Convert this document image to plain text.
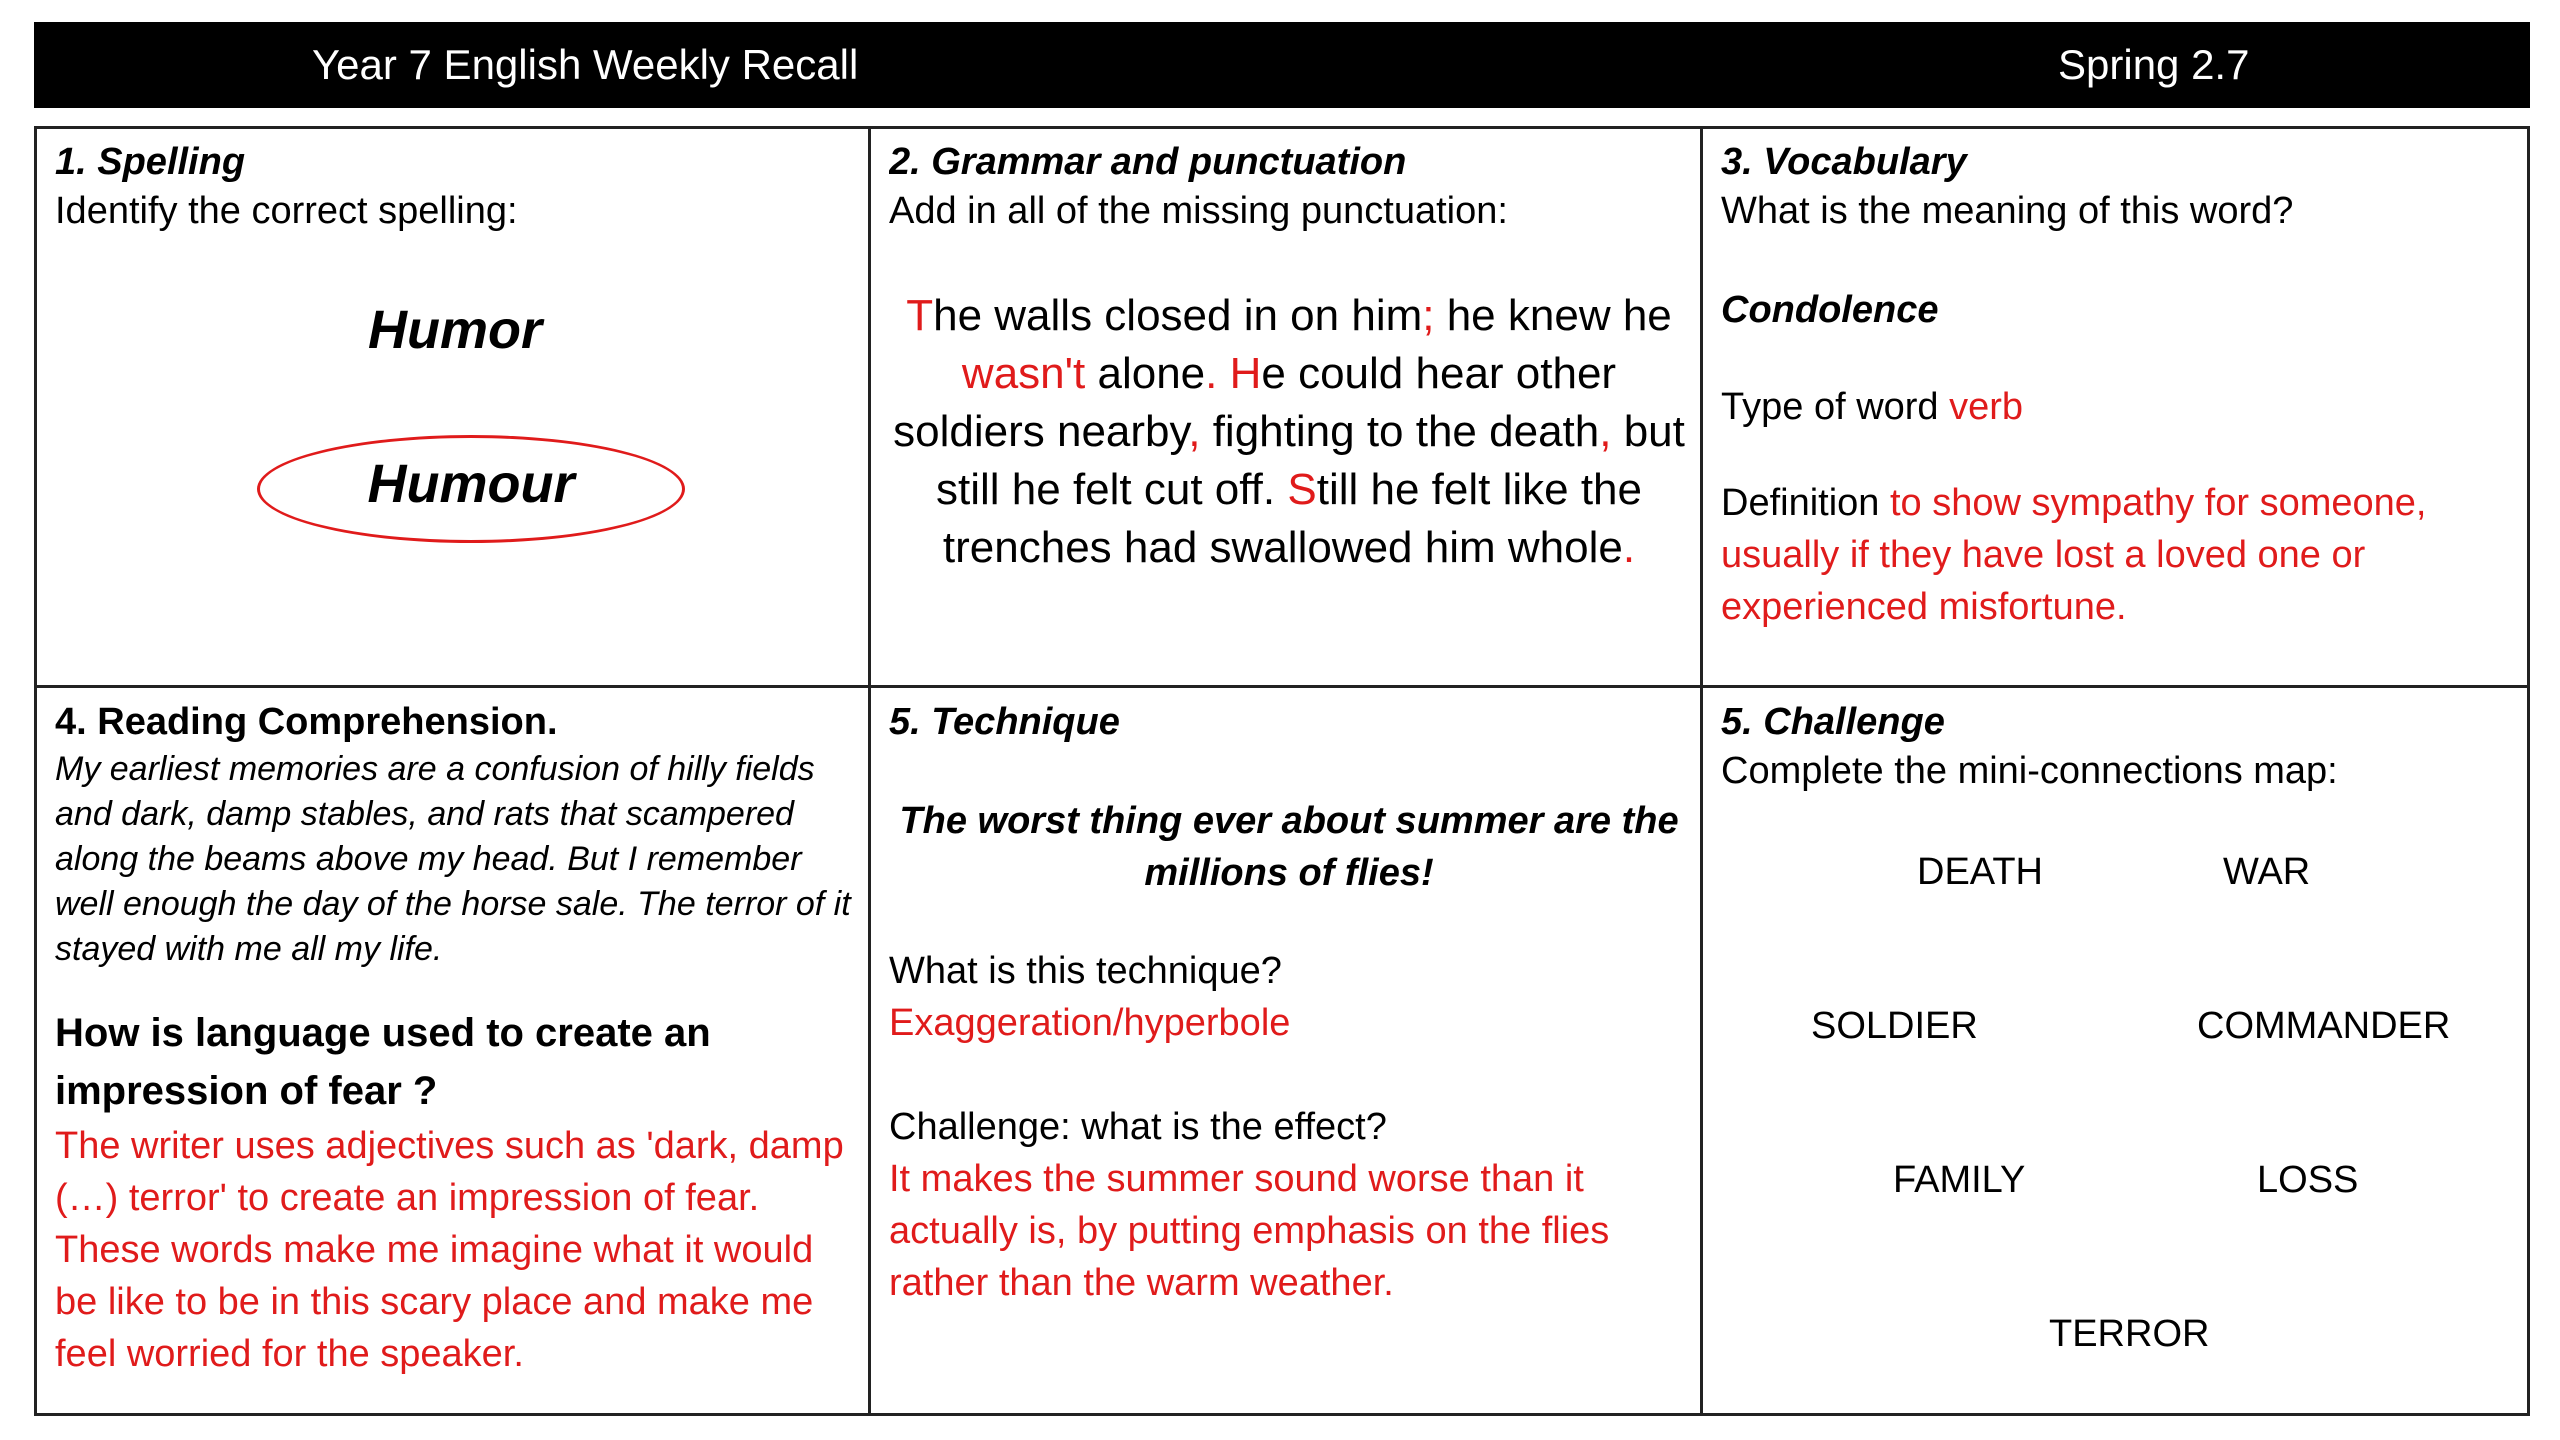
Year 7 English Weekly Recall	Spring 2.7
1. Spelling
Identify the correct spelling:
Humor
Humour
2. Grammar and punctuation
Add in all of the missing punctuation:
The walls closed in on him; he knew he wasn't alone. He could hear other soldiers nearby, fighting to the death, but still he felt cut off. Still he felt like the trenches had swallowed him whole.
3. Vocabulary
What is the meaning of this word?
Condolence
Type of word verb
Definition to show sympathy for someone, usually if they have lost a loved one or experienced misfortune.
4. Reading Comprehension.
My earliest memories are a confusion of hilly fields and dark, damp stables, and rats that scampered along the beams above my head. But I remember well enough the day of the horse sale. The terror of it stayed with me all my life.
How is language used to create an impression of fear ?
The writer uses adjectives such as 'dark, damp (…) terror' to create an impression of fear. These words make me imagine what it would be like to be in this scary place and make me feel worried for the speaker.
5. Technique
The worst thing ever about summer are the millions of flies!
What is this technique?
Exaggeration/hyperbole
Challenge: what is the effect?
It makes the summer sound worse than it actually is, by putting emphasis on the flies rather than the warm weather.
5. Challenge
Complete the mini-connections map:
DEATH	WAR
SOLDIER	COMMANDER
FAMILY	LOSS
TERROR
